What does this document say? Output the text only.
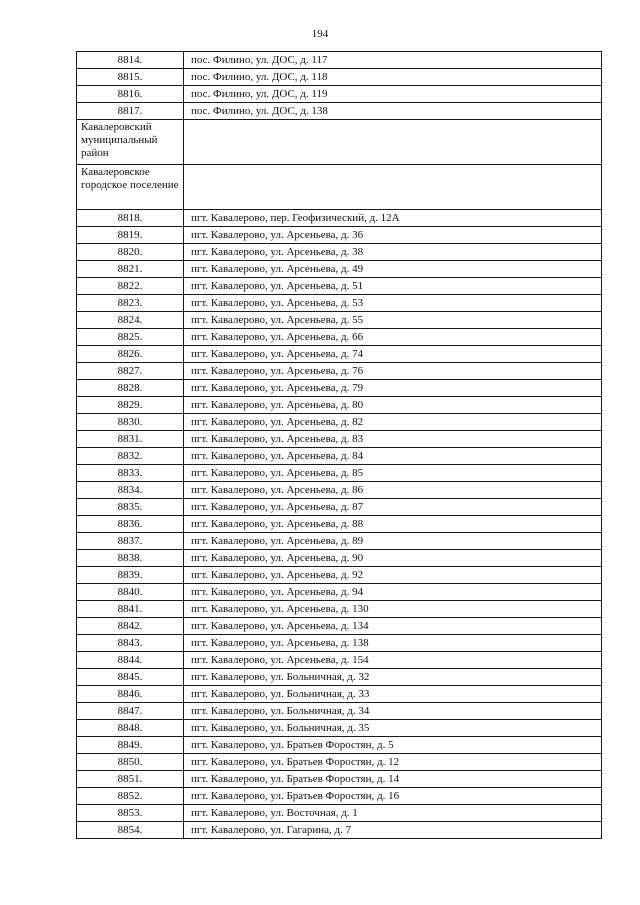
194
8814.	пос. Филино, ул. ДОС, д. 117
8815.	пос. Филино, ул. ДОС, д. 118
8816.	пос. Филино, ул. ДОС, д. 119
8817.	пос. Филино, ул. ДОС, д. 138
Кавалеровский муниципальный район	
Кавалеровское городское поселение	
8818.	пгт. Кавалерово, пер. Геофизический, д. 12А
8819.	пгт. Кавалерово, ул. Арсеньева, д. 36
8820.	пгт. Кавалерово, ул. Арсеньева, д. 38
8821.	пгт. Кавалерово, ул. Арсеньева, д. 49
8822.	пгт. Кавалерово, ул. Арсеньева, д. 51
8823.	пгт. Кавалерово, ул. Арсеньева, д. 53
8824.	пгт. Кавалерово, ул. Арсеньева, д. 55
8825.	пгт. Кавалерово, ул. Арсеньева, д. 66
8826.	пгт. Кавалерово, ул. Арсеньева, д. 74
8827.	пгт. Кавалерово, ул. Арсеньева, д. 76
8828.	пгт. Кавалерово, ул. Арсеньева, д. 79
8829.	пгт. Кавалерово, ул. Арсеньева, д. 80
8830.	пгт. Кавалерово, ул. Арсеньева, д. 82
8831.	пгт. Кавалерово, ул. Арсеньева, д. 83
8832.	пгт. Кавалерово, ул. Арсеньева, д. 84
8833.	пгт. Кавалерово, ул. Арсеньева, д. 85
8834.	пгт. Кавалерово, ул. Арсеньева, д. 86
8835.	пгт. Кавалерово, ул. Арсеньева, д. 87
8836.	пгт. Кавалерово, ул. Арсеньева, д. 88
8837.	пгт. Кавалерово, ул. Арсеньева, д. 89
8838.	пгт. Кавалерово, ул. Арсеньева, д. 90
8839.	пгт. Кавалерово, ул. Арсеньева, д. 92
8840.	пгт. Кавалерово, ул. Арсеньева, д. 94
8841.	пгт. Кавалерово, ул. Арсеньева, д. 130
8842.	пгт. Кавалерово, ул. Арсеньева, д. 134
8843.	пгт. Кавалерово, ул. Арсеньева, д. 138
8844.	пгт. Кавалерово, ул. Арсеньева, д. 154
8845.	пгт. Кавалерово, ул. Больничная, д. 32
8846.	пгт. Кавалерово, ул. Больничная, д. 33
8847.	пгт. Кавалерово, ул. Больничная, д. 34
8848.	пгт. Кавалерово, ул. Больничная, д. 35
8849.	пгт. Кавалерово, ул. Братьев Форостян, д. 5
8850.	пгт. Кавалерово, ул. Братьев Форостян, д. 12
8851.	пгт. Кавалерово, ул. Братьев Форостян, д. 14
8852.	пгт. Кавалерово, ул. Братьев Форостян, д. 16
8853.	пгт. Кавалерово, ул. Восточная, д. 1
8854.	пгт. Кавалерово, ул. Гагарина, д. 7
